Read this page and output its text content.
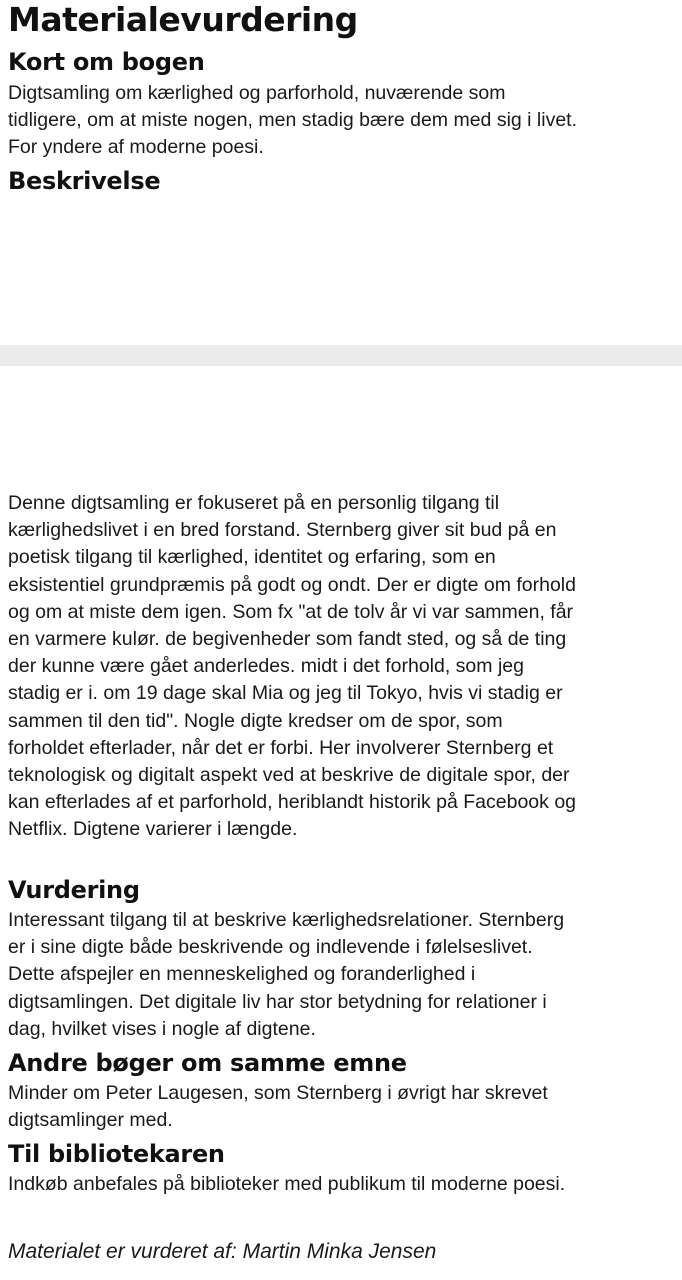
Materialevurdering
Kort om bogen

Digtsamling om kærlighed og parforhold, nuværende som tidligere, om at miste nogen, men stadig bære dem med sig i livet. For yndere af moderne poesi.

Beskrivelse

Denne digtsamling er fokuseret på en personlig tilgang til kærlighedslivet i en bred forstand. Sternberg giver sit bud på en poetisk tilgang til kærlighed, identitet og erfaring, som en eksistentiel grundpræmis på godt og ondt. Der er digte om forhold og om at miste dem igen. Som fx "at de tolv år vi var sammen, får en varmere kulør. de begivenheder som fandt sted, og så de ting der kunne være gået anderledes. midt i det forhold, som jeg stadig er i. om 19 dage skal Mia og jeg til Tokyo, hvis vi stadig er sammen til den tid". Nogle digte kredser om de spor, som forholdet efterlader, når det er forbi. Her involverer Sternberg et teknologisk og digitalt aspekt ved at beskrive de digitale spor, der kan efterlades af et parforhold, heriblandt historik på Facebook og Netflix. Digtene varierer i længde.

Vurdering

Interessant tilgang til at beskrive kærlighedsrelationer. Sternberg er i sine digte både beskrivende og indlevende i følelseslivet. Dette afspejler en menneskelighed og foranderlighed i digtsamlingen. Det digitale liv har stor betydning for relationer i dag, hvilket vises i nogle af digtene.

Andre bøger om samme emne

Minder om Peter Laugesen, som Sternberg i øvrigt har skrevet digtsamlinger med.

Til bibliotekaren

Indkøb anbefales på biblioteker med publikum til moderne poesi.

Materialet er vurderet af: Martin Minka Jensen
